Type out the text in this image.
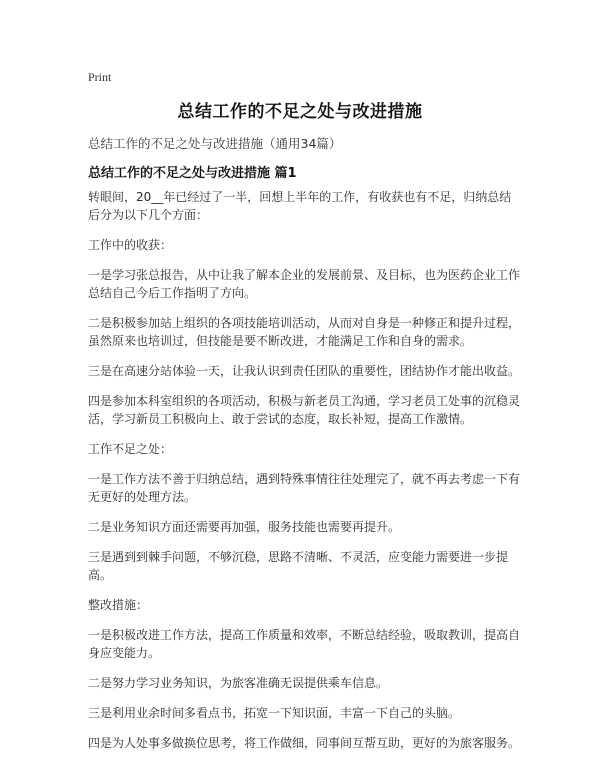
Print
总结工作的不足之处与改进措施
总结工作的不足之处与改进措施（通用34篇）
总结工作的不足之处与改进措施 篇1

转眼间，20__年已经过了一半，回想上半年的工作，有收获也有不足，归纳总结后分为以下几个方面：

工作中的收获：

一是学习张总报告，从中让我了解本企业的发展前景、及目标，也为医药企业工作总结自己今后工作指明了方向。

二是积极参加站上组织的各项技能培训活动，从而对自身是一种修正和提升过程，虽然原来也培训过，但技能是要不断改进，才能满足工作和自身的需求。

三是在高速分站体验一天，让我认识到责任团队的重要性，团结协作才能出收益。

四是参加本科室组织的各项活动，积极与新老员工沟通，学习老员工处事的沉稳灵活，学习新员工积极向上、敢于尝试的态度，取长补短，提高工作激情。

工作不足之处：

一是工作方法不善于归纳总结，遇到特殊事情往往处理完了，就不再去考虑一下有无更好的处理方法。

二是业务知识方面还需要再加强，服务技能也需要再提升。

三是遇到到棘手问题，不够沉稳，思路不清晰、不灵活，应变能力需要进一步提高。

整改措施：

一是积极改进工作方法，提高工作质量和效率，不断总结经验，吸取教训，提高自身应变能力。

二是努力学习业务知识，为旅客准确无误提供乘车信息。

三是利用业余时间多看点书，拓宽一下知识面，丰富一下自己的头脑。

四是为人处事多做换位思考，将工作做细，同事间互帮互助，更好的为旅客服务。
